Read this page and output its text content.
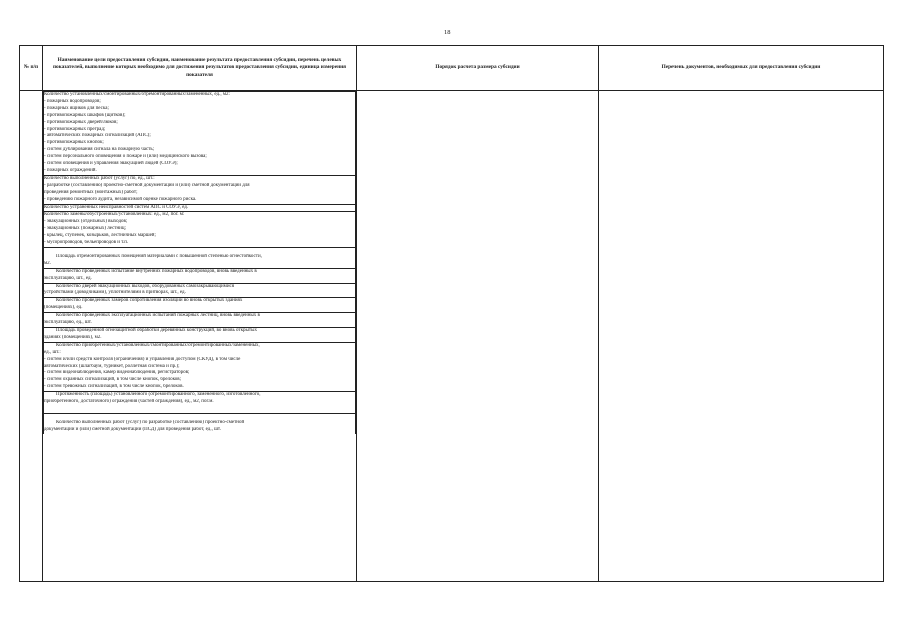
18
№ п/п	Наименование цели предоставления субсидии, наименование результата предоставления субсидии, перечень целевых показателей, выполнение которых необходимо для достижения результатов предоставления субсидии, единица измерения показателя	Порядок расчета размера субсидии	Перечень документов, необходимых для предоставления субсидии

Количество установленных/смонтированных/отремонтированных/замененных, ед., м2:
- пожарных водопроводов;
- пожарных ящиков для песка;
- противопожарных шкафов (щитков);
- противопожарных дверей/люков;
- противопожарных преград;
- автоматических пожарных сигнализаций (АПС);
- противопожарных кнопок;
- систем дублирования сигнала на пожарную часть;
- систем персонального оповещения о пожаре и (или) медицинского вызова;
- систем оповещения и управления эвакуацией людей (СОУЭ);
- пожарных ограждений.

Количество выполненных работ (услуг) по, ед., шт.:
- разработке (составлению) проектно-сметной документации и (или) сметной документации для
проведения ремонтных (монтажных) работ;
- проведению пожарного аудита, независимой оценке пожарного риска.

Количество устраненных неисправностей систем АПС и СОУЭ, ед.

Количество замены/обустроенных/установленных: ед., м2, пог. м:
- эвакуационных (отдельных) выходов;
- эвакуационных (пожарных) лестниц;
- крылец, ступенек, козырьков, лестничных маршей;
- мусоропроводов, бельепроводов и т.п.

Площадь отремонтированных помещений материалами с повышенной степенью огнестойкости,
м2.

Количество проведенных испытание внутренних пожарных водопроводов, вновь введенных в
эксплуатацию, шт., ед.

Количество дверей эвакуационных выходов, оборудованных самозакрывающимися
устройствами (доводчиками), уплотнителями в притворах, шт., ед.

Количество проведенных замеров сопротивления изоляции во вновь открытых зданиях
(помещениях), ед.

Количество проведенных эксплуатационных испытаний пожарных лестниц, вновь введенных в
эксплуатацию, ед., шт.

Площадь проведенной огнезащитной обработки деревянных конструкций, во вновь открытых
зданиях (помещениях), м2.

Количество приобретенных/установленных/смонтированных/отремонтированных/замененных,
ед., шт.:
- систем и/или средств контроля (ограничения) и управления доступом (СКУД), в том числе
автоматических (шлагбаум, турникет, роллетная система и пр.);
- систем видеонаблюдения, камер видеонаблюдения, регистраторов;
- систем охранных сигнализаций, в том числе кнопок, брелоков;
- систем тревожных сигнализаций, в том числе кнопок, брелоков.

Протяженность (площадь) установленного (отремонтированного, замененного, изготовленного,
приобретенного, достаточного) ограждения (частей ограждения), ед., м2, пог.м.

Количество выполненных работ (услуг) по разработке (составлению) проектно-сметной
документации и (или) сметной документации (ПСД) для проведения работ, ед., шт.
